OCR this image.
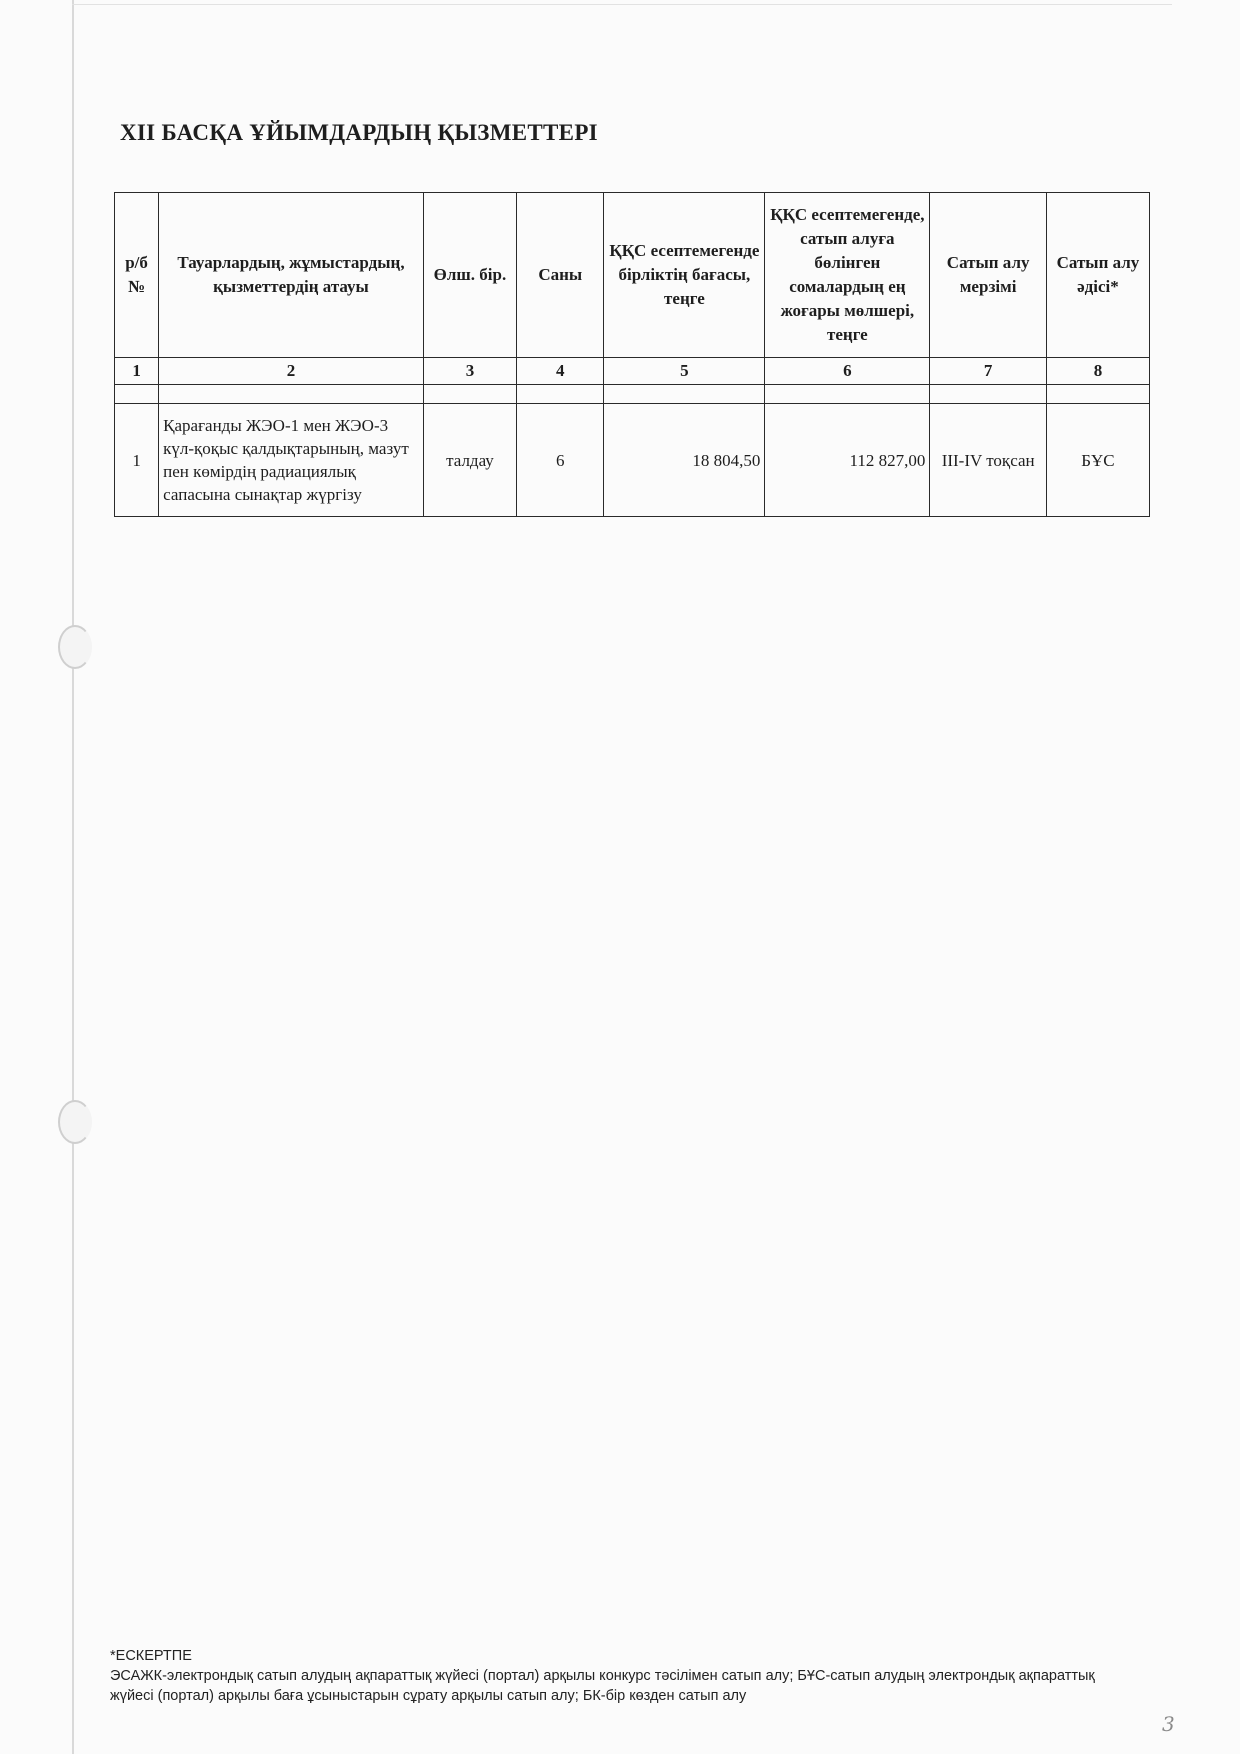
XII БАСҚА ҰЙЫМДАРДЫҢ ҚЫЗМЕТТЕРІ
р/б №	Тауарлардың, жұмыстардың, қызметтердің атауы	Өлш. бір.	Саны	ҚҚС есептемегенде бірліктің бағасы, теңге	ҚҚС есептемегенде, сатып алуға бөлінген сомалардың ең жоғары мөлшері, теңге	Сатып алу мерзімі	Сатып алу әдісі*
1	2	3	4	5	6	7	8

1	Қарағанды ЖЭО-1 мен ЖЭО-3 күл-қоқыс қалдықтарының, мазут пен көмірдің радиациялық сапасына сынақтар жүргізу	талдау	6	18 804,50	112 827,00	III-IV тоқсан	БҰС

*ЕСКЕРТПЕ

ЭСАЖК-электрондық сатып алудың ақпараттық жүйесі (портал) арқылы конкурс тәсілімен сатып алу; БҰС-сатып алудың электрондық ақпараттық жүйесі (портал) арқылы баға ұсыныстарын сұрату арқылы сатып алу; БК-бір көзден сатып алу

3
